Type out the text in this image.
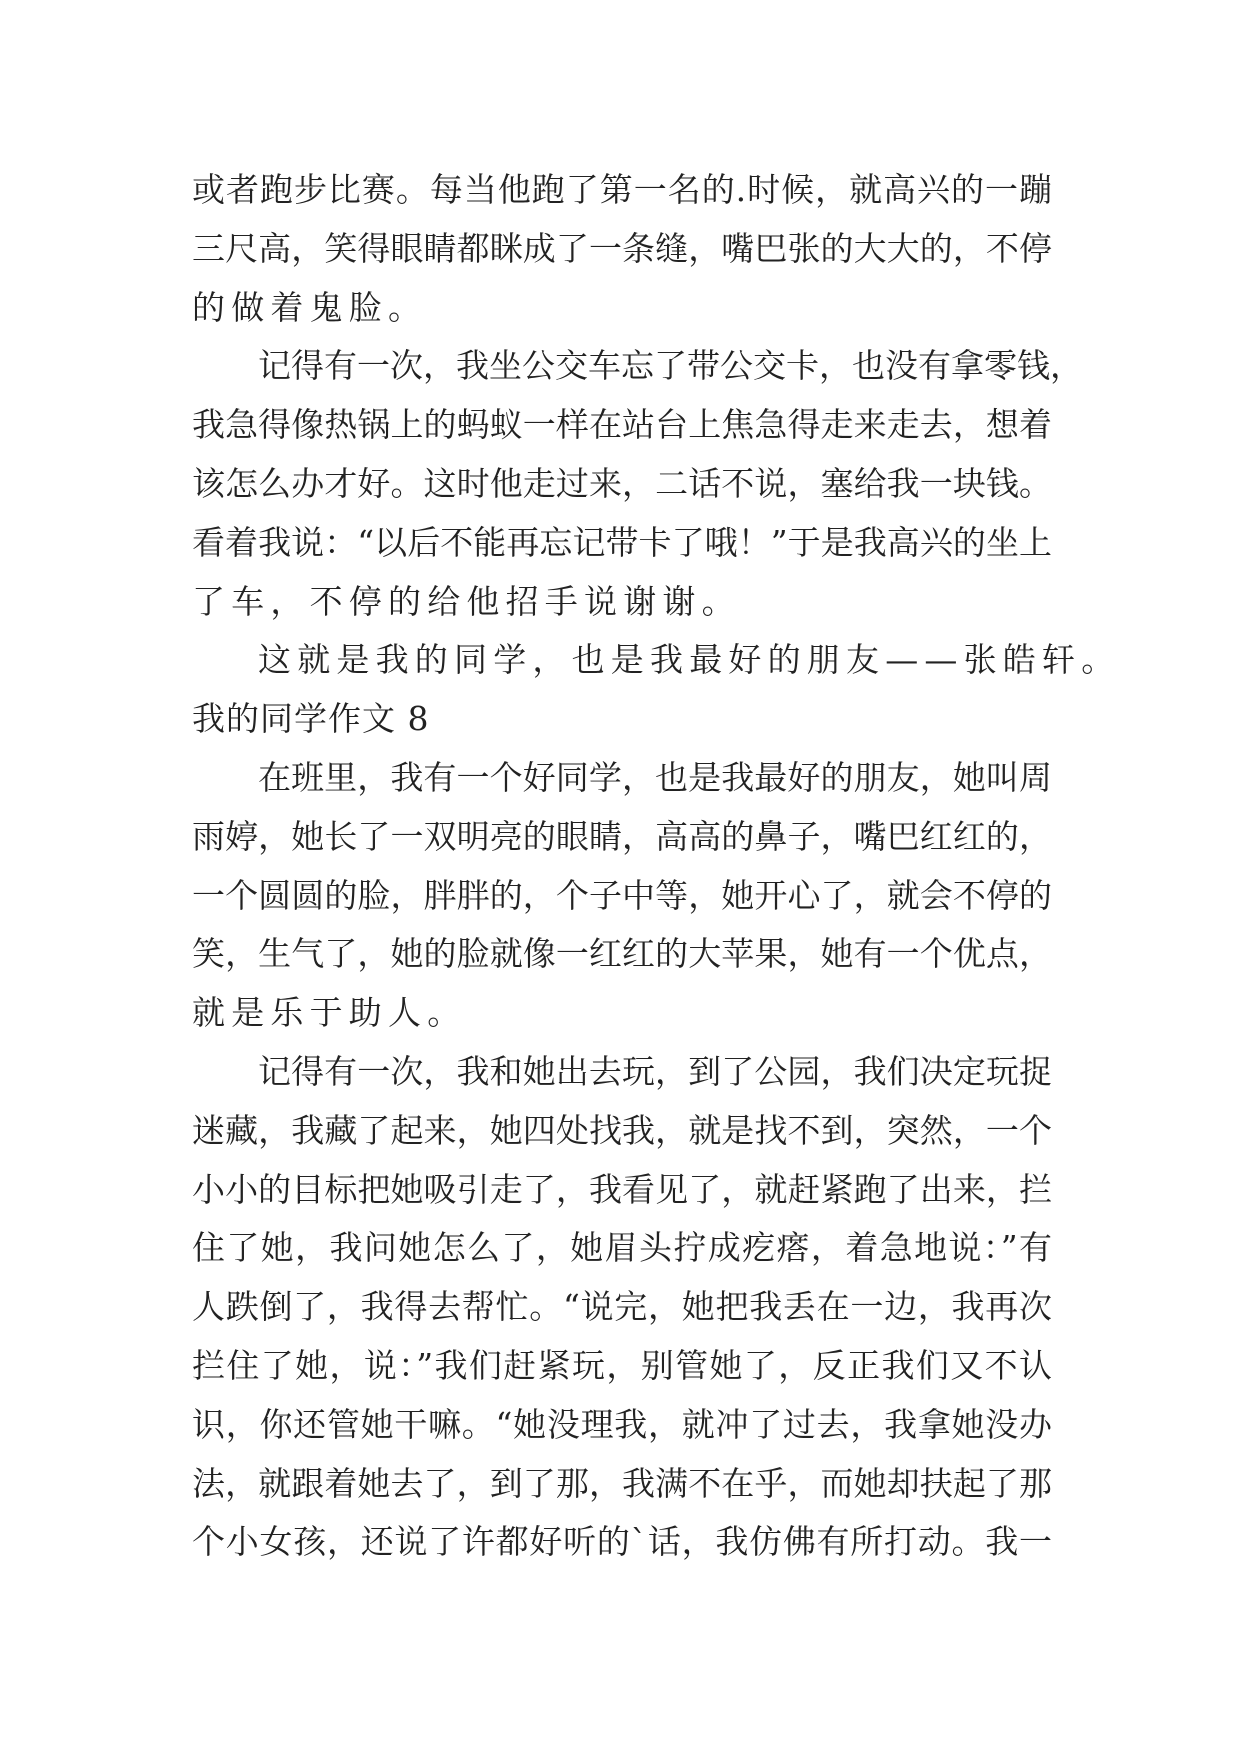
或者跑步比赛。每当他跑了第一名的.时候，就高兴的一蹦
三尺高，笑得眼睛都眯成了一条缝，嘴巴张的大大的，不停
的做着鬼脸。
记得有一次，我坐公交车忘了带公交卡，也没有拿零钱，
我急得像热锅上的蚂蚁一样在站台上焦急得走来走去，想着
该怎么办才好。这时他走过来，二话不说，塞给我一块钱。
看着我说：“以后不能再忘记带卡了哦！”于是我高兴的坐上
了车，不停的给他招手说谢谢。
这就是我的同学，也是我最好的朋友——张皓轩。
我的同学作文 8
在班里，我有一个好同学，也是我最好的朋友，她叫周
雨婷，她长了一双明亮的眼睛，高高的鼻子，嘴巴红红的，
一个圆圆的脸，胖胖的，个子中等，她开心了，就会不停的
笑，生气了，她的脸就像一红红的大苹果，她有一个优点，
就是乐于助人。
记得有一次，我和她出去玩，到了公园，我们决定玩捉
迷藏，我藏了起来，她四处找我，就是找不到，突然，一个
小小的目标把她吸引走了，我看见了，就赶紧跑了出来，拦
住了她，我问她怎么了，她眉头拧成疙瘩，着急地说：”有
人跌倒了，我得去帮忙。“说完，她把我丢在一边，我再次
拦住了她，说：”我们赶紧玩，别管她了，反正我们又不认
识，你还管她干嘛。“她没理我，就冲了过去，我拿她没办
法，就跟着她去了，到了那，我满不在乎，而她却扶起了那
个小女孩，还说了许都好听的`话，我仿佛有所打动。我一
